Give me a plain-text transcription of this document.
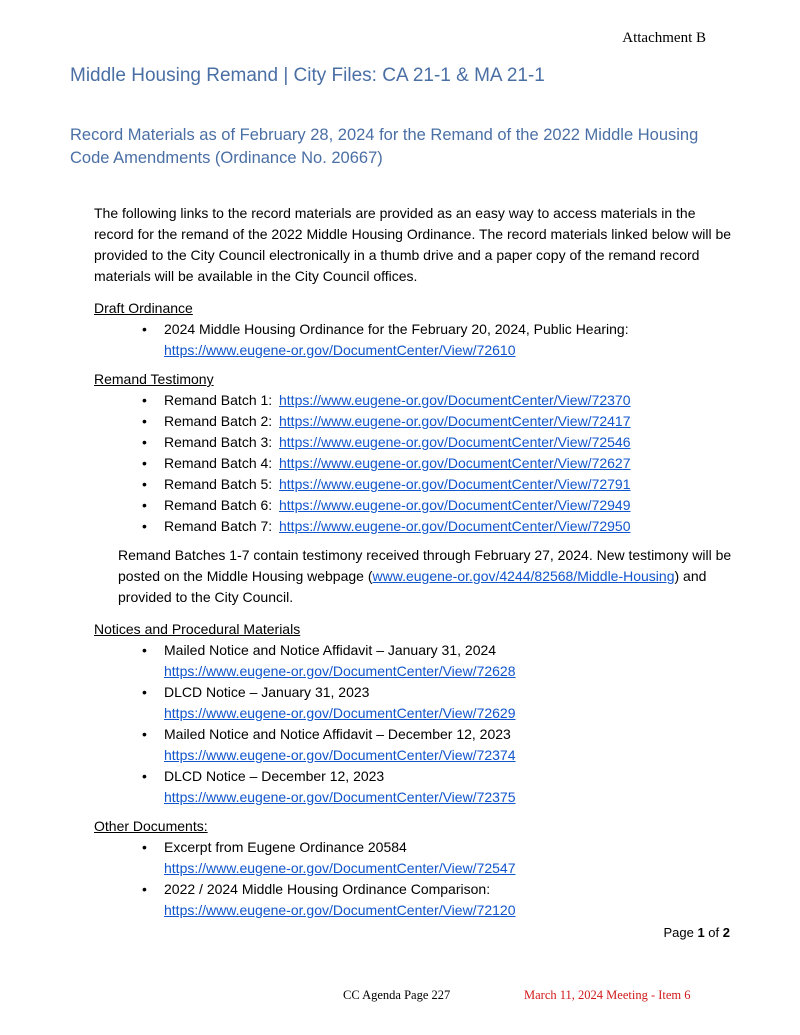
Attachment B
Middle Housing Remand | City Files: CA 21-1 & MA 21-1
Record Materials as of February 28, 2024 for the Remand of the 2022 Middle Housing Code Amendments (Ordinance No. 20667)

The following links to the record materials are provided as an easy way to access materials in the record for the remand of the 2022 Middle Housing Ordinance. The record materials linked below will be provided to the City Council electronically in a thumb drive and a paper copy of the remand record materials will be available in the City Council offices.

Draft Ordinance

• 2024 Middle Housing Ordinance for the February 20, 2024, Public Hearing:
https://www.eugene-or.gov/DocumentCenter/View/72610

Remand Testimony

• Remand Batch 1: https://www.eugene-or.gov/DocumentCenter/View/72370
• Remand Batch 2: https://www.eugene-or.gov/DocumentCenter/View/72417
• Remand Batch 3: https://www.eugene-or.gov/DocumentCenter/View/72546
• Remand Batch 4: https://www.eugene-or.gov/DocumentCenter/View/72627
• Remand Batch 5: https://www.eugene-or.gov/DocumentCenter/View/72791
• Remand Batch 6: https://www.eugene-or.gov/DocumentCenter/View/72949
• Remand Batch 7: https://www.eugene-or.gov/DocumentCenter/View/72950

Remand Batches 1-7 contain testimony received through February 27, 2024. New testimony will be posted on the Middle Housing webpage (www.eugene-or.gov/4244/82568/Middle-Housing) and provided to the City Council.

Notices and Procedural Materials

• Mailed Notice and Notice Affidavit – January 31, 2024
https://www.eugene-or.gov/DocumentCenter/View/72628
• DLCD Notice – January 31, 2023
https://www.eugene-or.gov/DocumentCenter/View/72629
• Mailed Notice and Notice Affidavit – December 12, 2023
https://www.eugene-or.gov/DocumentCenter/View/72374
• DLCD Notice – December 12, 2023
https://www.eugene-or.gov/DocumentCenter/View/72375

Other Documents:

• Excerpt from Eugene Ordinance 20584
https://www.eugene-or.gov/DocumentCenter/View/72547
• 2022 / 2024 Middle Housing Ordinance Comparison:
https://www.eugene-or.gov/DocumentCenter/View/72120
Page 1 of 2
CC Agenda Page 227	March 11, 2024 Meeting - Item 6
